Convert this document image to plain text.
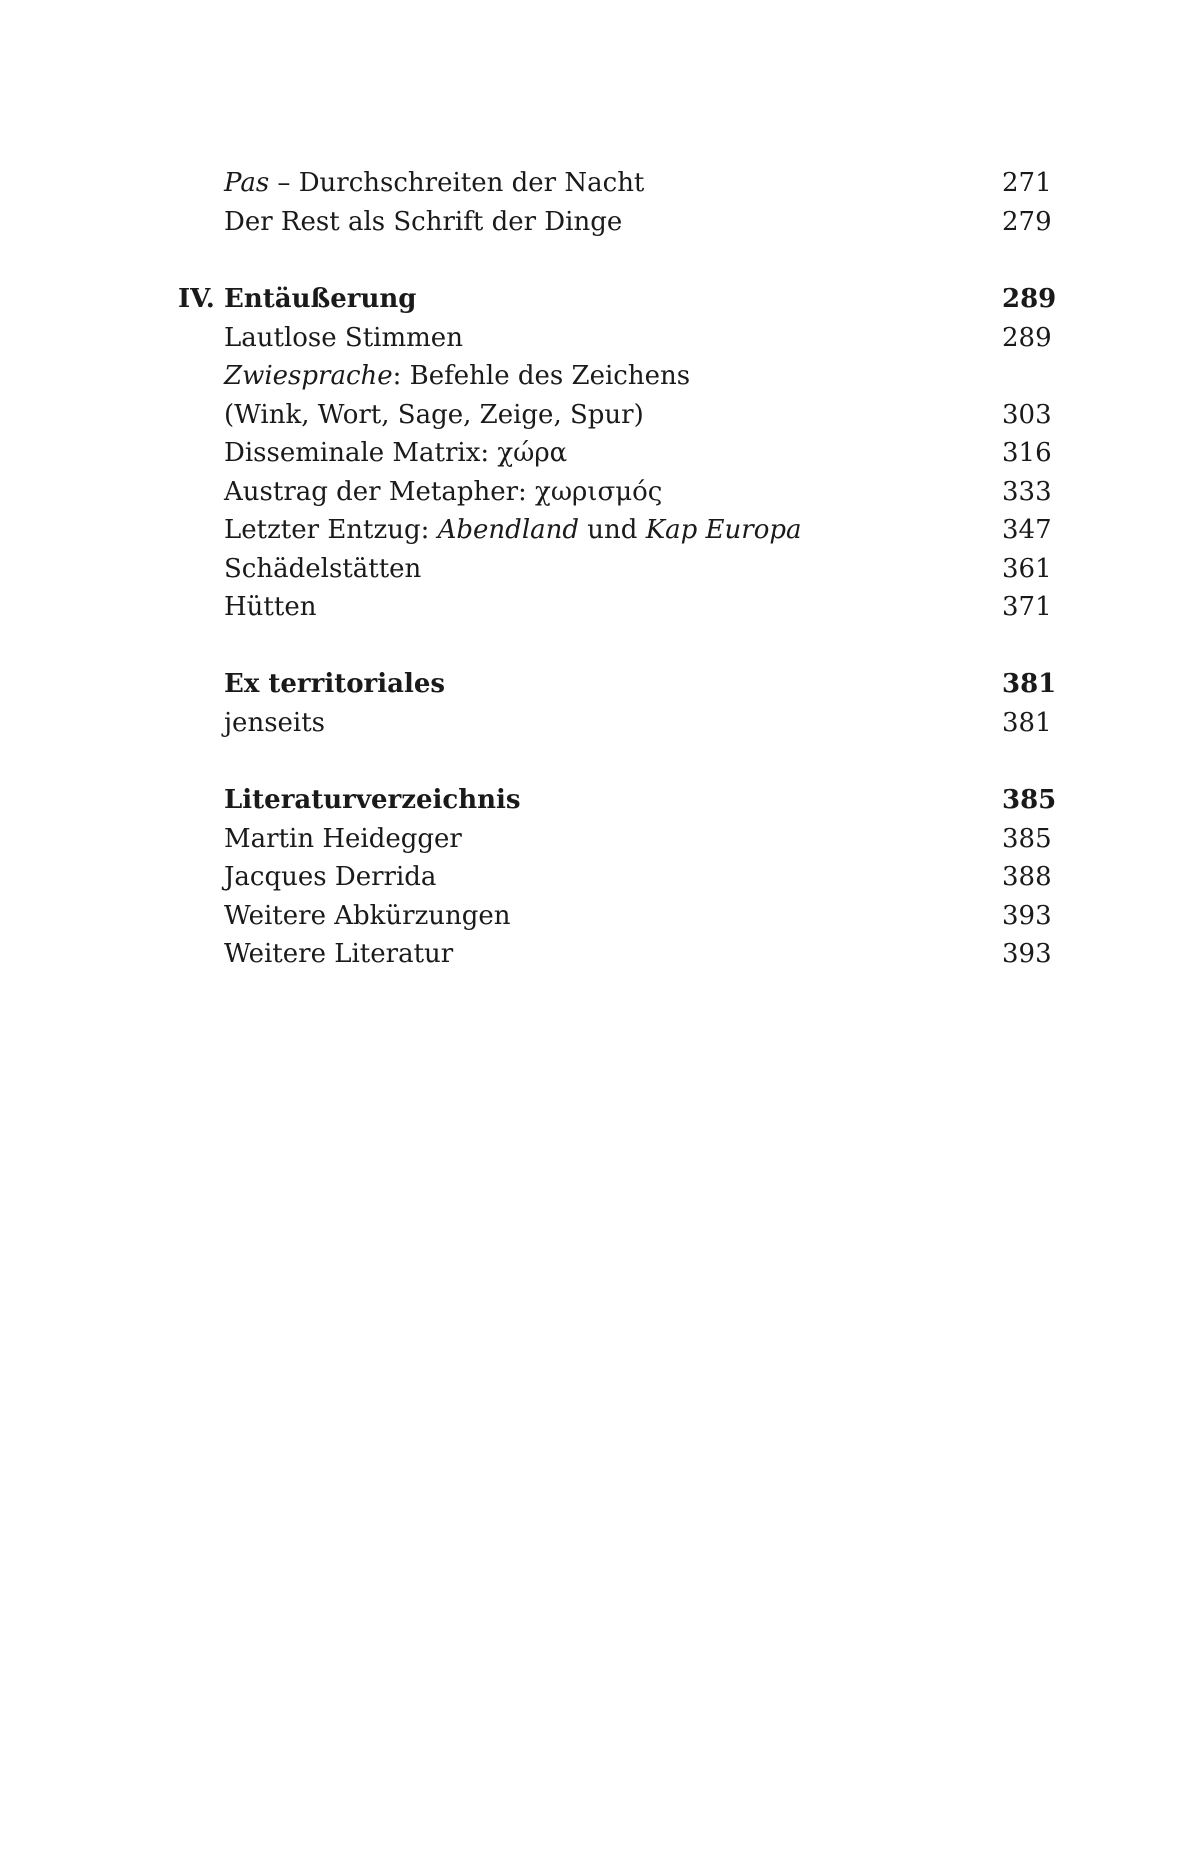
Pas – Durchschreiten der Nacht	271
Der Rest als Schrift der Dinge	279
IV. Entäußerung	289
Lautlose Stimmen	289
Zwiesprache: Befehle des Zeichens
(Wink, Wort, Sage, Zeige, Spur)	303
Disseminale Matrix: χώρα	316
Austrag der Metapher: χωρισμός	333
Letzter Entzug: Abendland und Kap Europa	347
Schädelstätten	361
Hütten	371
Ex territoriales	381
jenseits	381
Literaturverzeichnis	385
Martin Heidegger	385
Jacques Derrida	388
Weitere Abkürzungen	393
Weitere Literatur	393
